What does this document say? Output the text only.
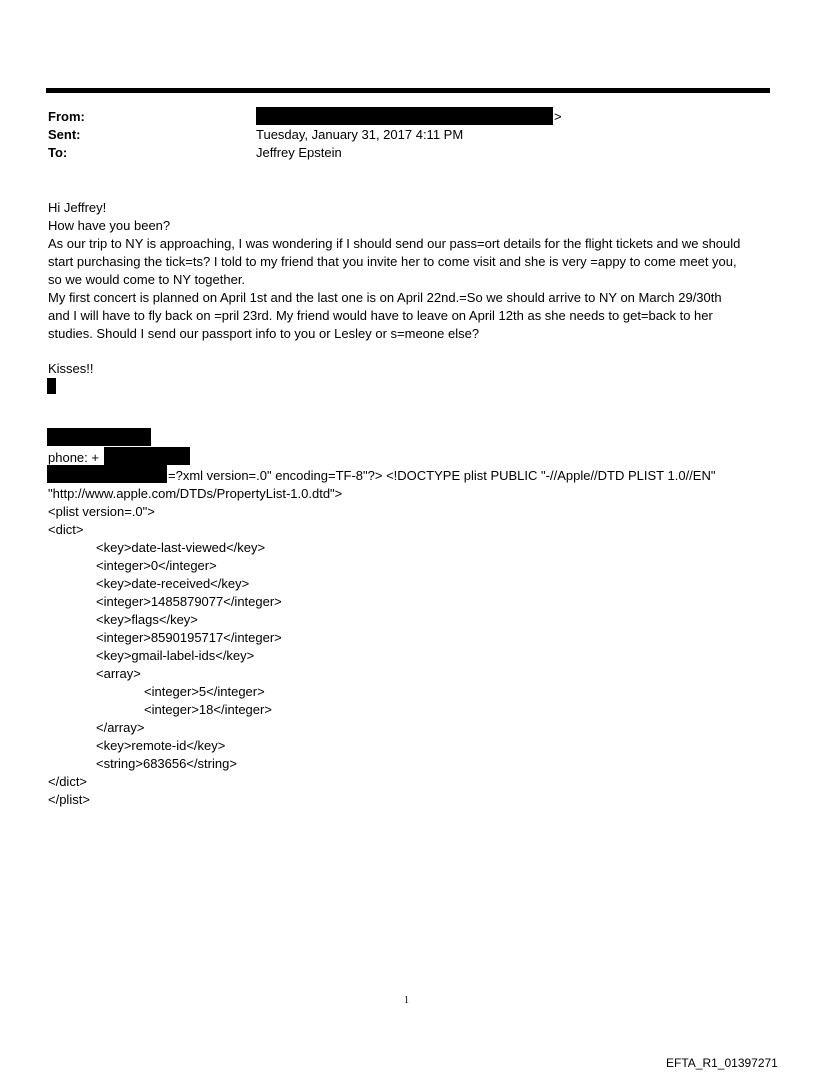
From:	>
Sent:	Tuesday, January 31, 2017 4:11 PM
To:	Jeffrey Epstein
Hi Jeffrey!
How have you been?
As our trip to NY is approaching, I was wondering if I should send our pass=ort details for the flight tickets and we should
start purchasing the tick=ts? I told to my friend that you invite her to come visit and she is very =appy to come meet you,
so we would come to NY together.
My first concert is planned on April 1st and the last one is on April 22nd.=So we should arrive to NY on March 29/30th
and I will have to fly back on =pril 23rd. My friend would have to leave on April 12th as she needs to get=back to her
studies. Should I send our passport info to you or Lesley or s=meone else?
Kisses!!
phone: +
=?xml version=.0" encoding=TF-8"?> <!DOCTYPE plist PUBLIC "-//Apple//DTD PLIST 1.0//EN"
"http://www.apple.com/DTDs/PropertyList-1.0.dtd">
<plist version=.0">
<dict>
<key>date-last-viewed</key>
<integer>0</integer>
<key>date-received</key>
<integer>1485879077</integer>
<key>flags</key>
<integer>8590195717</integer>
<key>gmail-label-ids</key>
<array>
<integer>5</integer>
<integer>18</integer>
</array>
<key>remote-id</key>
<string>683656</string>
</dict>
</plist>
1
EFTA_R1_01397271
